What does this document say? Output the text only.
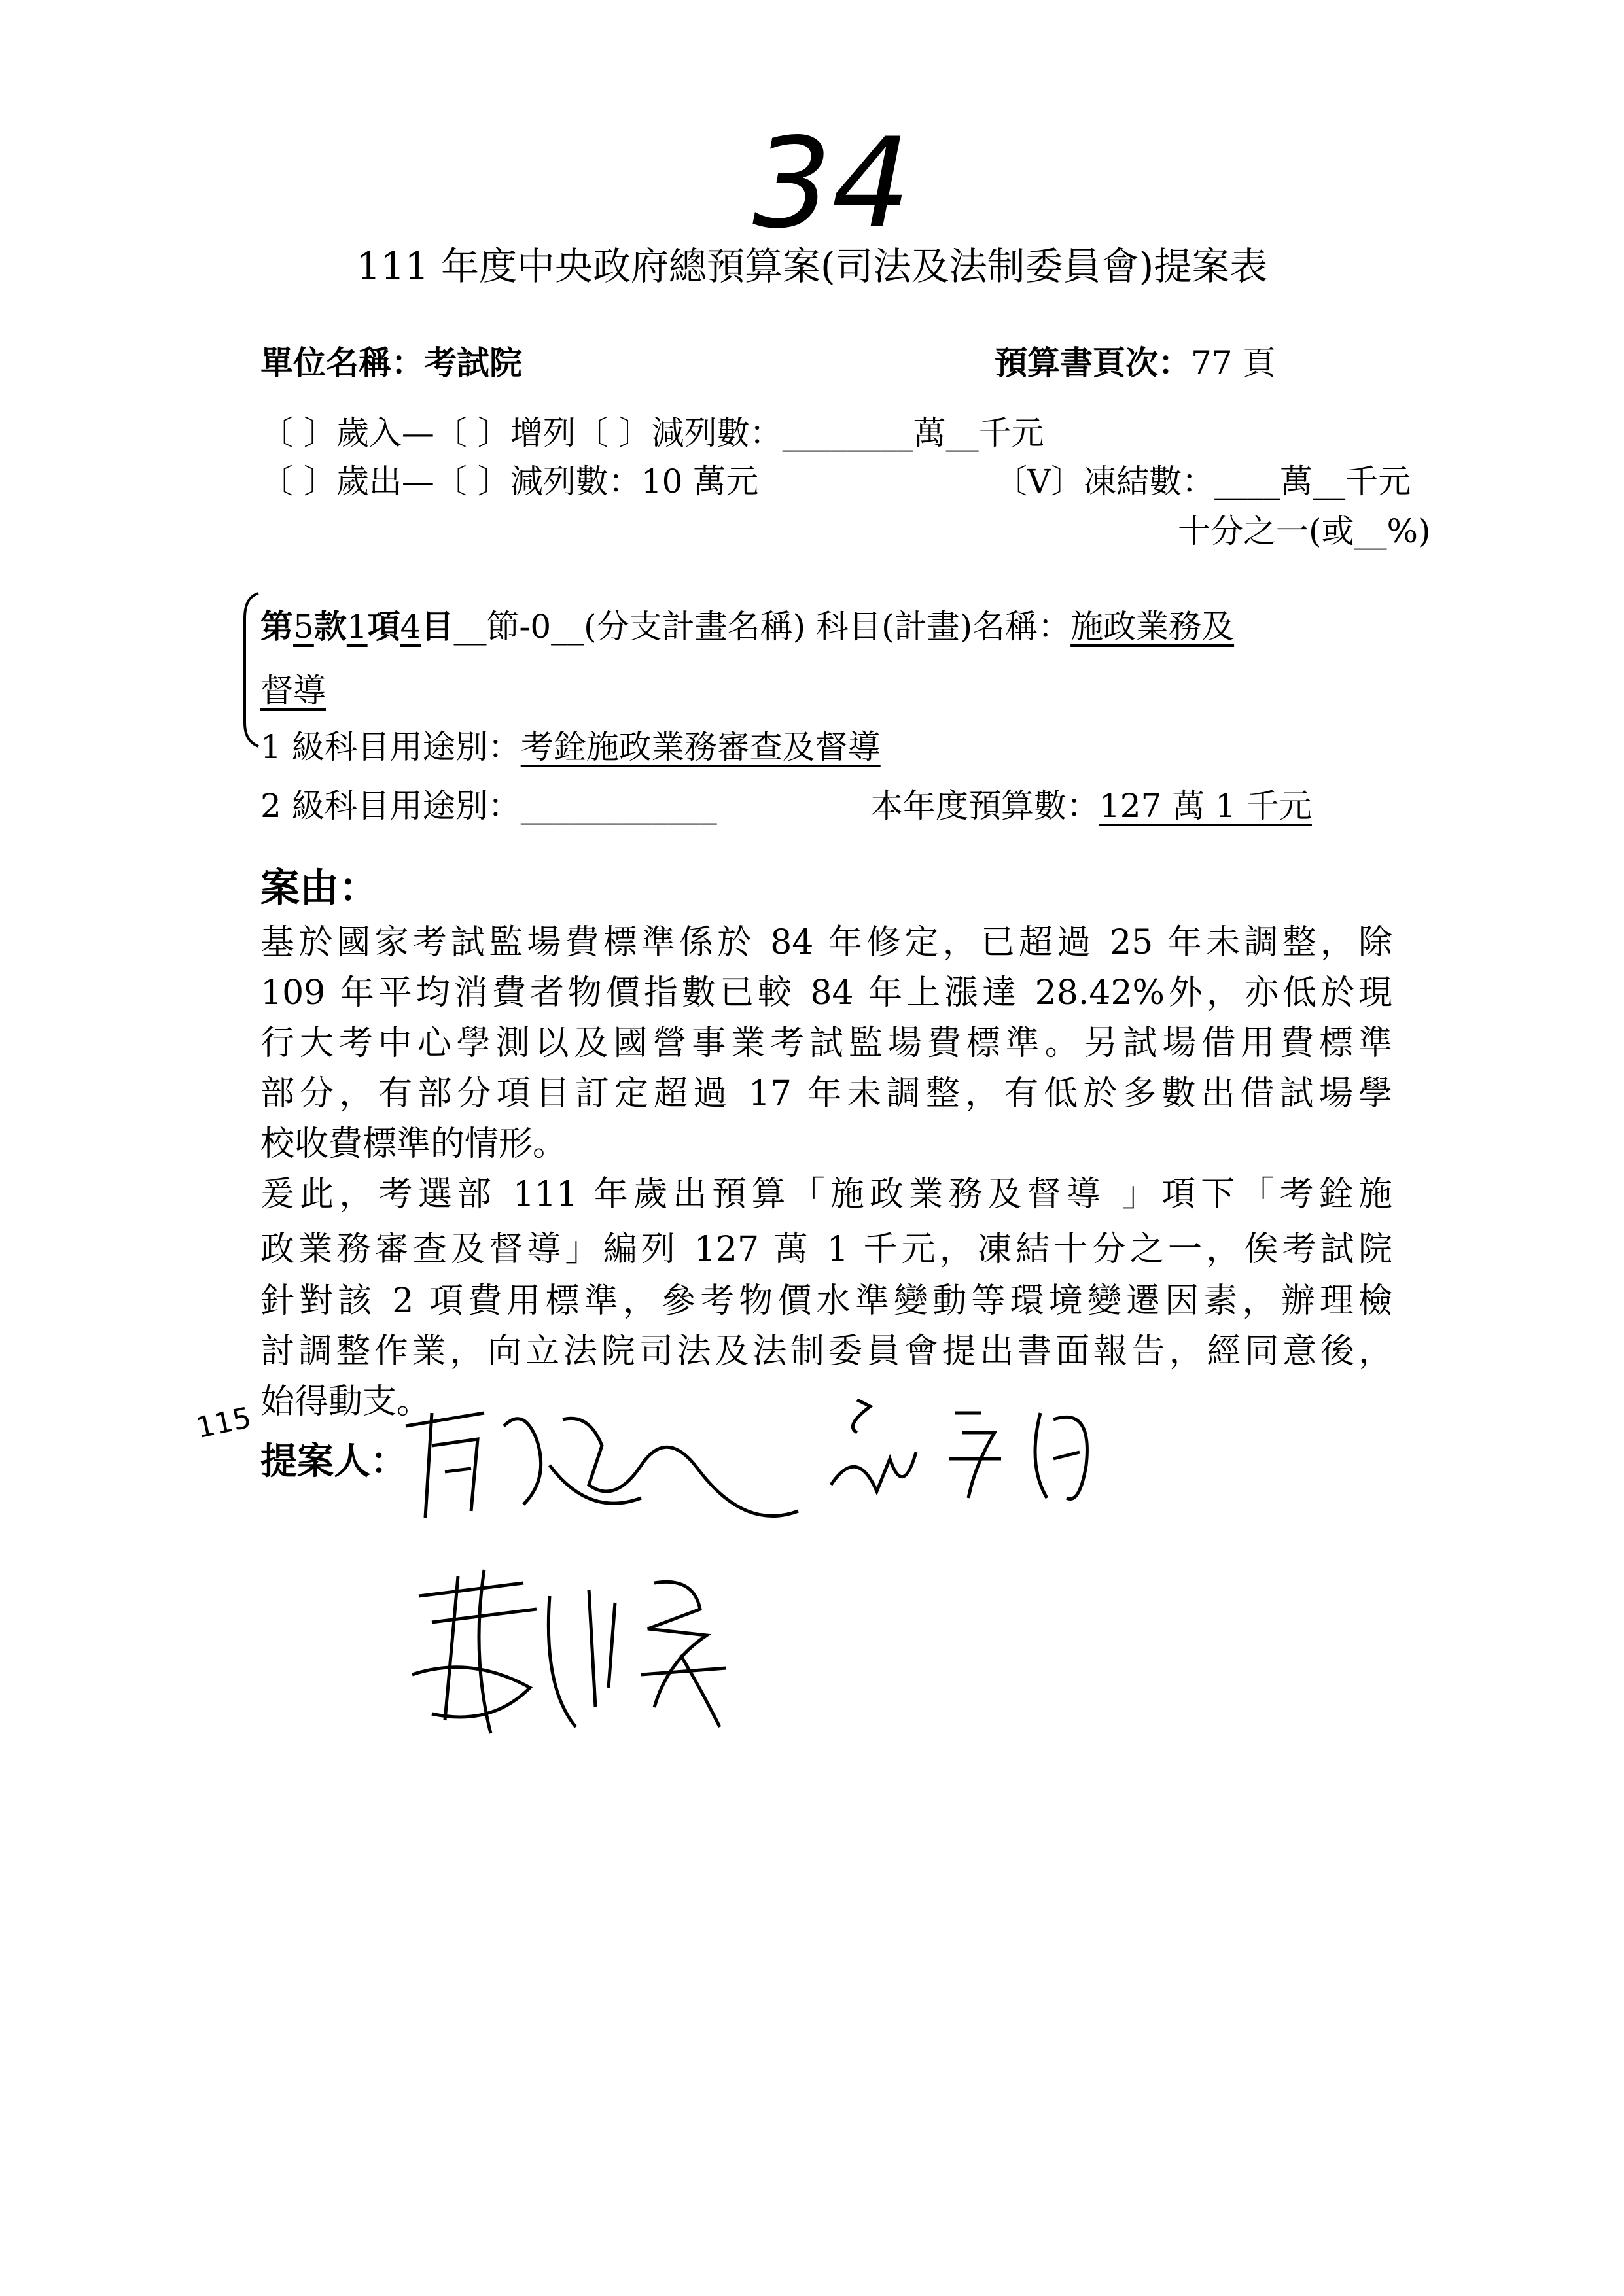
34
111 年度中央政府總預算案(司法及法制委員會)提案表
單位名稱：考試院	預算書頁次：77 頁
〔 〕歲入—〔 〕增列〔 〕減列數：________萬__千元
〔 〕歲出—〔 〕減列數：10 萬元	〔V〕凍結數：____萬__千元
十分之一(或__%)
第5款1項4目__節-0__(分支計畫名稱) 科目(計畫)名稱：施政業務及
督導
1 級科目用途別：考銓施政業務審查及督導
2 級科目用途別：____________	本年度預算數：127 萬 1 千元
案由：
基於國家考試監場費標準係於 84 年修定，已超過 25 年未調整，除
109 年平均消費者物價指數已較 84 年上漲達 28.42%外，亦低於現
行大考中心學測以及國營事業考試監場費標準。另試場借用費標準
部分，有部分項目訂定超過 17 年未調整，有低於多數出借試場學
校收費標準的情形。
爰此，考選部 111 年歲出預算「施政業務及督導 」項下「考銓施
政業務審查及督導」編列 127 萬 1 千元，凍結十分之一，俟考試院
針對該 2 項費用標準，參考物價水準變動等環境變遷因素，辦理檢
討調整作業，向立法院司法及法制委員會提出書面報告，經同意後，
始得動支。
115
提案人：
